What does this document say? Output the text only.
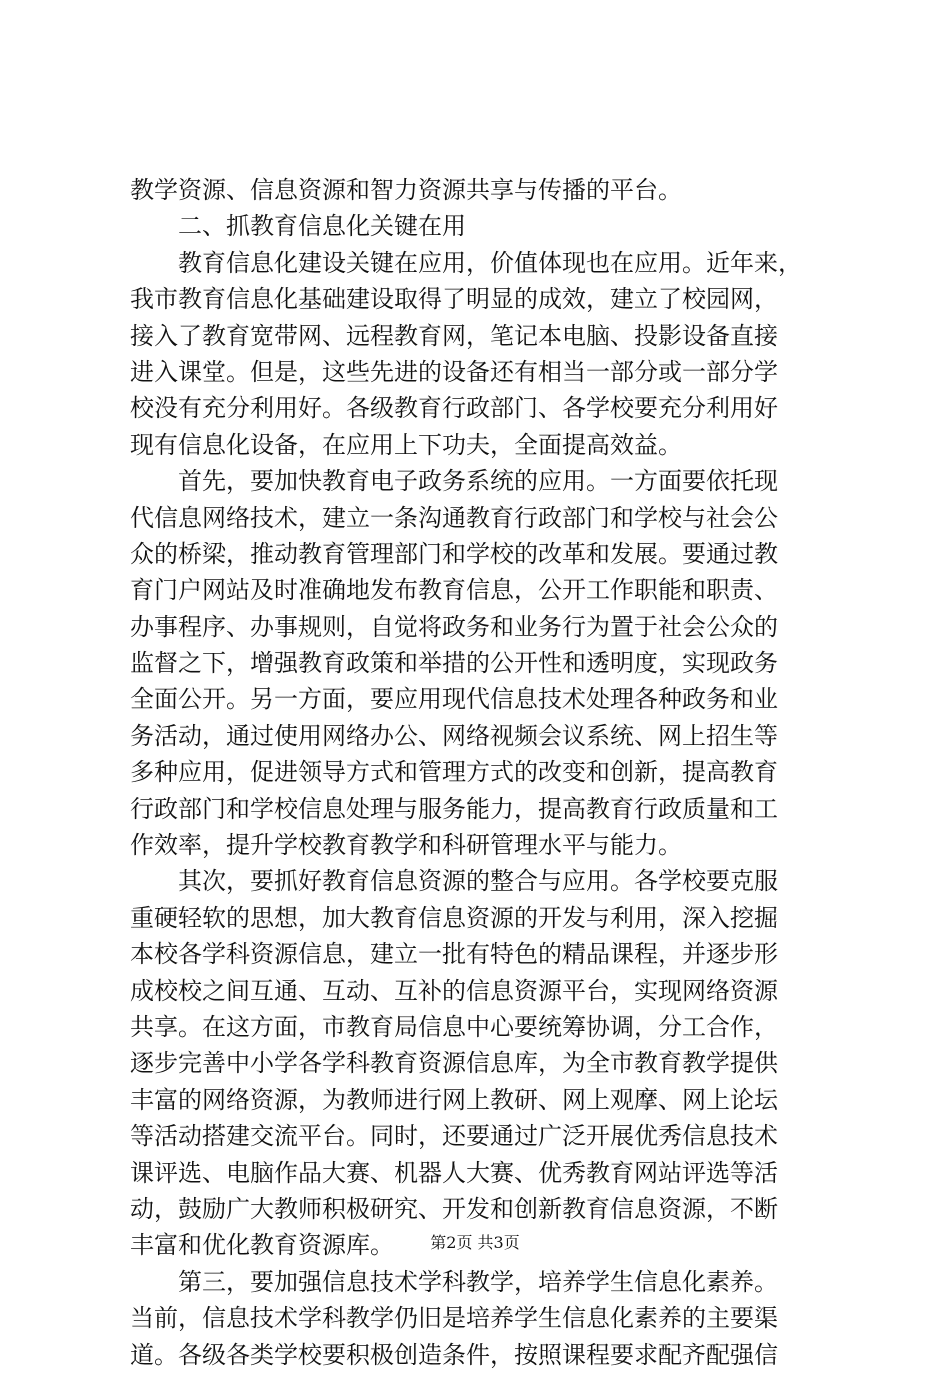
教学资源、信息资源和智力资源共享与传播的平台。
二、抓教育信息化关键在用
教育信息化建设关键在应用，价值体现也在应用。近年来，
我市教育信息化基础建设取得了明显的成效，建立了校园网，
接入了教育宽带网、远程教育网，笔记本电脑、投影设备直接
进入课堂。但是，这些先进的设备还有相当一部分或一部分学
校没有充分利用好。各级教育行政部门、各学校要充分利用好
现有信息化设备，在应用上下功夫，全面提高效益。
首先，要加快教育电子政务系统的应用。一方面要依托现
代信息网络技术，建立一条沟通教育行政部门和学校与社会公
众的桥梁，推动教育管理部门和学校的改革和发展。要通过教
育门户网站及时准确地发布教育信息，公开工作职能和职责、
办事程序、办事规则，自觉将政务和业务行为置于社会公众的
监督之下，增强教育政策和举措的公开性和透明度，实现政务
全面公开。另一方面，要应用现代信息技术处理各种政务和业
务活动，通过使用网络办公、网络视频会议系统、网上招生等
多种应用，促进领导方式和管理方式的改变和创新，提高教育
行政部门和学校信息处理与服务能力，提高教育行政质量和工
作效率，提升学校教育教学和科研管理水平与能力。
其次，要抓好教育信息资源的整合与应用。各学校要克服
重硬轻软的思想，加大教育信息资源的开发与利用，深入挖掘
本校各学科资源信息，建立一批有特色的精品课程，并逐步形
成校校之间互通、互动、互补的信息资源平台，实现网络资源
共享。在这方面，市教育局信息中心要统筹协调，分工合作，
逐步完善中小学各学科教育资源信息库，为全市教育教学提供
丰富的网络资源，为教师进行网上教研、网上观摩、网上论坛
等活动搭建交流平台。同时，还要通过广泛开展优秀信息技术
课评选、电脑作品大赛、机器人大赛、优秀教育网站评选等活
动，鼓励广大教师积极研究、开发和创新教育信息资源，不断
丰富和优化教育资源库。
第三，要加强信息技术学科教学，培养学生信息化素养。
当前，信息技术学科教学仍旧是培养学生信息化素养的主要渠
道。各级各类学校要积极创造条件，按照课程要求配齐配强信
第2页 共3页
